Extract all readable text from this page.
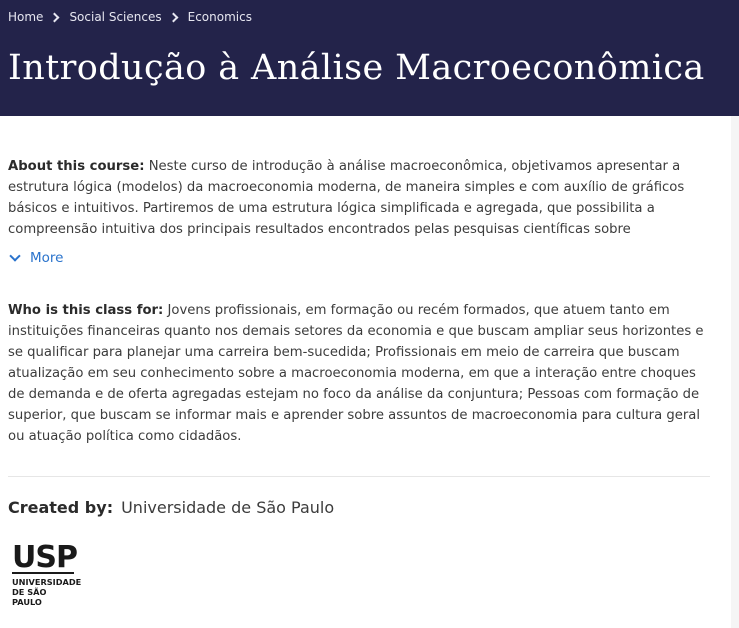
Home Social Sciences Economics
Introdução à Análise Macroeconômica

About this course: Neste curso de introdução à análise macroeconômica, objetivamos apresentar a estrutura lógica (modelos) da macroeconomia moderna, de maneira simples e com auxílio de gráficos básicos e intuitivos. Partiremos de uma estrutura lógica simplificada e agregada, que possibilita a compreensão intuitiva dos principais resultados encontrados pelas pesquisas científicas sobre

More

Who is this class for: Jovens profissionais, em formação ou recém formados, que atuem tanto em instituições financeiras quanto nos demais setores da economia e que buscam ampliar seus horizontes e se qualificar para planejar uma carreira bem-sucedida; Profissionais em meio de carreira que buscam atualização em seu conhecimento sobre a macroeconomia moderna, em que a interação entre choques de demanda e de oferta agregadas estejam no foco da análise da conjuntura; Pessoas com formação de superior, que buscam se informar mais e aprender sobre assuntos de macroeconomia para cultura geral ou atuação política como cidadãos.

Created by: Universidade de São Paulo
USP
UNIVERSIDADE
DE SÃO PAULO
